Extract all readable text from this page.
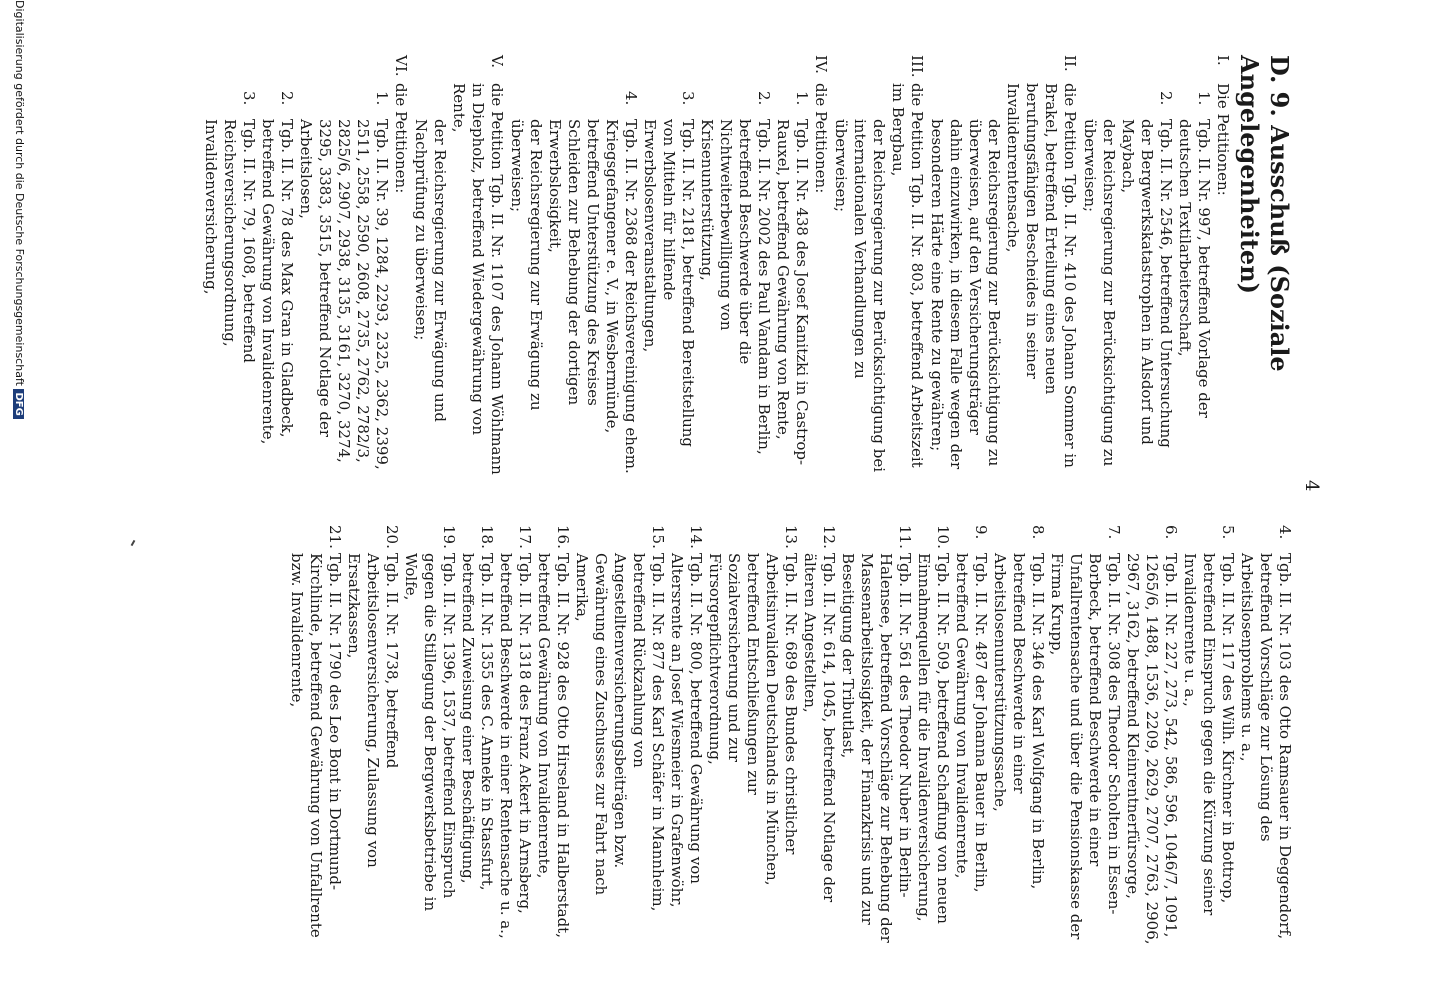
4
D. 9. Ausschuß (Soziale Angelegenheiten)
I.
Die Petitionen:
1.
Tgb. II. Nr. 997, betreffend Vorlage der deutschen Textilarbeiterschaft,
2.
Tgb. II. Nr. 2546, betreffend Untersuchung der Bergwerkskatastrophen in Alsdorf und Maybach,
der Reichsregierung zur Berücksichtigung zu überweisen;
II.
die Petition Tgb. II. Nr. 410 des Johann Sommer in Brakel, betreffend Erteilung eines neuen berufungsfähigen Bescheides in seiner Invalidenrentensache,
der Reichsregierung zur Berücksichtigung zu überweisen, auf den Versicherungsträger dahin einzuwirken, in diesem Falle wegen der besonderen Härte eine Rente zu gewähren;
III.
die Petition Tgb. II. Nr. 803, betreffend Arbeitszeit im Bergbau,
der Reichsregierung zur Berücksichtigung bei internationalen Verhandlungen zu überweisen;
IV.
die Petitionen:
1.
Tgb. II. Nr. 438 des Josef Kanitzki in Castrop-Rauxel, betreffend Gewährung von Rente,
2.
Tgb. II. Nr. 2002 des Paul Vandam in Berlin, betreffend Beschwerde über die Nichtweiterbewilligung von Krisenunterstützung,
3.
Tgb. II. Nr. 2181, betreffend Bereitstellung von Mitteln für hilfende Erwerbslosenveranstaltungen,
4.
Tgb. II. Nr. 2368 der Reichsvereinigung ehem. Kriegsgefangener e. V., in Wesbermünde, betreffend Unterstützung des Kreises Schleiden zur Behebung der dortigen Erwerbslosigkeit,
der Reichsregierung zur Erwägung zu überweisen;
V.
die Petition Tgb. II. Nr. 1107 des Johann Wöhlmann in Diepholz, betreffend Wiedergewährung von Rente,
der Reichsregierung zur Erwägung und Nachprüfung zu überweisen;
VI.
die Petitionen:
1.
Tgb. II. Nr. 39, 1284, 2293, 2325, 2362, 2399, 2511, 2558, 2590, 2608, 2735, 2762, 2782/3, 2825/6, 2907, 2938, 3135, 3161, 3270, 3274, 3295, 3383, 3515, betreffend Notlage der Arbeitslosen,
2.
Tgb. II. Nr. 78 des Max Gran in Gladbeck, betreffend Gewährung von Invalidenrente,
3.
Tgb. II. Nr. 79, 1608, betreffend Reichsversicherungsordnung, Invalidenversicherung,
4.
Tgb. II. Nr. 103 des Otto Ramsauer in Deggendorf, betreffend Vorschläge zur Lösung des Arbeitslosenproblems u. a.,
5.
Tgb. II. Nr. 117 des Wilh. Kirchner in Bottrop, betreffend Einspruch gegen die Kürzung seiner Invalidenrente u. a.,
6.
Tgb. II. Nr. 227, 273, 542, 586, 596, 1046/7, 1091, 1265/6, 1488, 1536, 2209, 2629, 2707, 2763, 2906, 2967, 3162, betreffend Kleinrentnerfürsorge,
7.
Tgb. II. Nr. 308 des Theodor Scholten in Essen-Borbeck, betreffend Beschwerde in einer Unfallrentensache und über die Pensionskasse der Firma Krupp,
8.
Tgb. II. Nr. 346 des Karl Wolfgang in Berlin, betreffend Beschwerde in einer Arbeitslosenunterstützungssache,
9.
Tgb. II. Nr. 487 der Johanna Bauer in Berlin, betreffend Gewährung von Invalidenrente,
10.
Tgb. II. Nr. 509, betreffend Schaffung von neuen Einnahmequellen für die Invalidenversicherung,
11.
Tgb. II. Nr. 561 des Theodor Nuber in Berlin-Halensee, betreffend Vorschläge zur Behebung der Massenarbeitslosigkeit, der Finanzkrisis und zur Beseitigung der Tributlast,
12.
Tgb. II. Nr. 614, 1045, betreffend Notlage der älteren Angestellten,
13.
Tgb. II. Nr. 689 des Bundes christlicher Arbeitsinvaliden Deutschlands in München, betreffend Entschließungen zur Sozialversicherung und zur Fürsorgepflichtverordnung,
14.
Tgb. II. Nr. 800, betreffend Gewährung von Altersrente an Josef Wiesmeier in Grafenwöhr,
15.
Tgb. II. Nr. 877 des Karl Schäfer in Mannheim, betreffend Rückzahlung von Angestelltenversicherungsbeiträgen bzw. Gewährung eines Zuschusses zur Fahrt nach Amerika,
16.
Tgb. II. Nr. 928 des Otto Hirseland in Halberstadt, betreffend Gewährung von Invalidenrente,
17.
Tgb. II. Nr. 1318 des Franz Ackert in Arnsberg, betreffend Beschwerde in einer Rentensache u. a.,
18.
Tgb. II. Nr. 1355 des C. Anneke in Stassfurt, betreffend Zuweisung einer Beschäftigung,
19.
Tgb. II. Nr. 1396, 1537, betreffend Einspruch gegen die Stillegung der Bergwerksbetriebe in Wolfe,
20.
Tgb. II. Nr. 1738, betreffend Arbeitslosenversicherung, Zulassung von Ersatzkassen,
21.
Tgb. II. Nr. 1790 des Leo Bont in Dortmund-Kirchlinde, betreffend Gewährung von Unfallrente bzw. Invalidenrente,
Digitalisierung gefördert durch die Deutsche Forschungsgemeinschaft DFG
